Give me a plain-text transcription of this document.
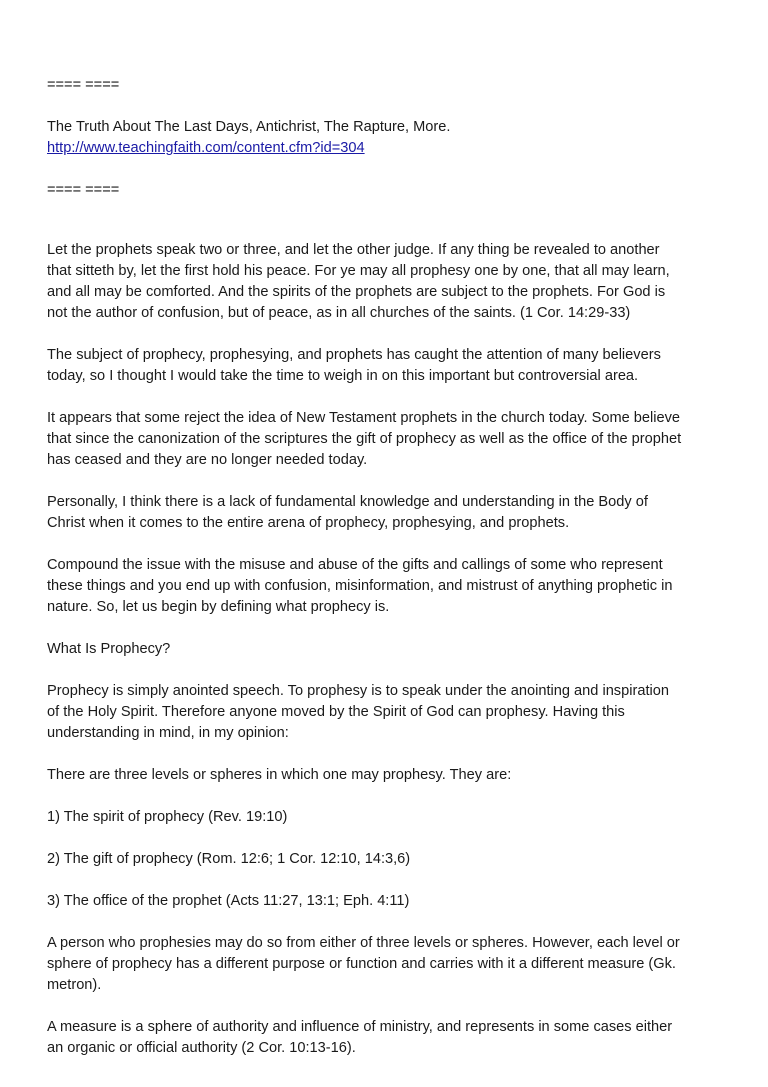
==== ====

The Truth About The Last Days, Antichrist, The Rapture, More.

http://www.teachingfaith.com/content.cfm?id=304

==== ====

Let the prophets speak two or three, and let the other judge. If any thing be revealed to another
that sitteth by, let the first hold his peace. For ye may all prophesy one by one, that all may learn,
and all may be comforted. And the spirits of the prophets are subject to the prophets. For God is
not the author of confusion, but of peace, as in all churches of the saints. (1 Cor. 14:29-33)

The subject of prophecy, prophesying, and prophets has caught the attention of many believers
today, so I thought I would take the time to weigh in on this important but controversial area.

It appears that some reject the idea of New Testament prophets in the church today. Some believe
that since the canonization of the scriptures the gift of prophecy as well as the office of the prophet
has ceased and they are no longer needed today.

Personally, I think there is a lack of fundamental knowledge and understanding in the Body of
Christ when it comes to the entire arena of prophecy, prophesying, and prophets.

Compound the issue with the misuse and abuse of the gifts and callings of some who represent
these things and you end up with confusion, misinformation, and mistrust of anything prophetic in
nature. So, let us begin by defining what prophecy is.

What Is Prophecy?

Prophecy is simply anointed speech. To prophesy is to speak under the anointing and inspiration
of the Holy Spirit. Therefore anyone moved by the Spirit of God can prophesy. Having this
understanding in mind, in my opinion:

There are three levels or spheres in which one may prophesy. They are:

1) The spirit of prophecy (Rev. 19:10)

2) The gift of prophecy (Rom. 12:6; 1 Cor. 12:10, 14:3,6)

3) The office of the prophet (Acts 11:27, 13:1; Eph. 4:11)

A person who prophesies may do so from either of three levels or spheres. However, each level or
sphere of prophecy has a different purpose or function and carries with it a different measure (Gk.
metron).

A measure is a sphere of authority and influence of ministry, and represents in some cases either
an organic or official authority (2 Cor. 10:13-16).
